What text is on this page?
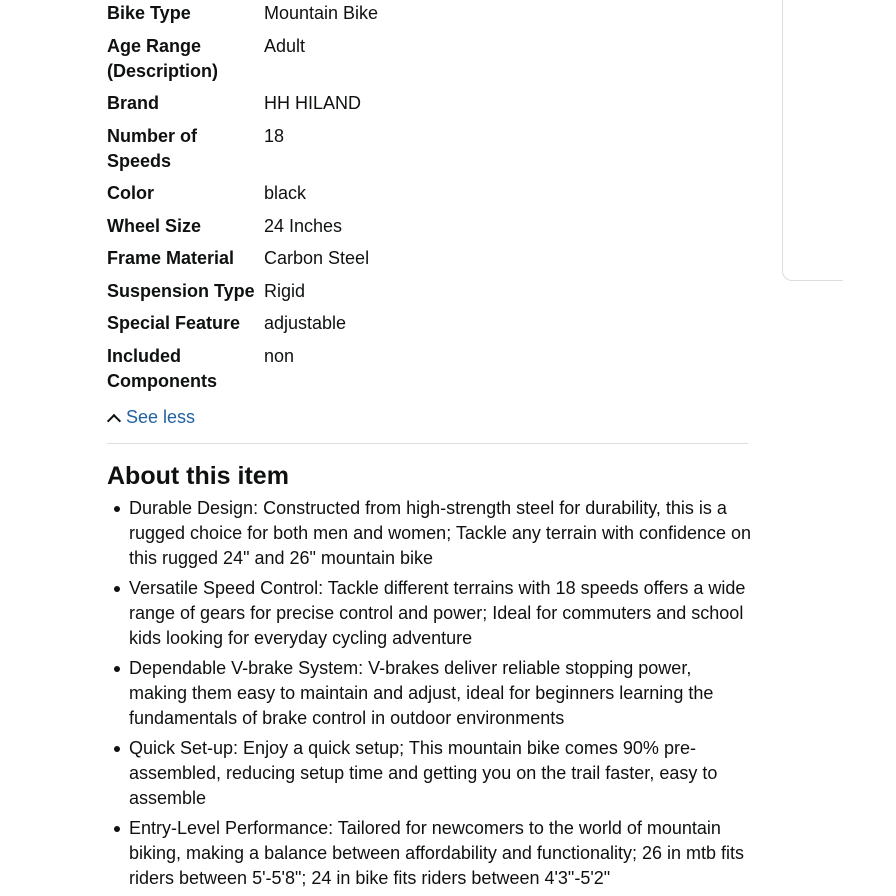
Bike Type	Mountain Bike

Age Range (Description)	Adult

Brand	HH HILAND

Number of Speeds	18

Color	black

Wheel Size	24 Inches

Frame Material	Carbon Steel

Suspension Type	Rigid

Special Feature	adjustable

Included Components	non
See less
About this item
Durable Design: Constructed from high-strength steel for durability, this is a rugged choice for both men and women; Tackle any terrain with confidence on this rugged 24" and 26" mountain bike
Versatile Speed Control: Tackle different terrains with 18 speeds offers a wide range of gears for precise control and power; Ideal for commuters and school kids looking for everyday cycling adventure
Dependable V-brake System: V-brakes deliver reliable stopping power, making them easy to maintain and adjust, ideal for beginners learning the fundamentals of brake control in outdoor environments
Quick Set-up: Enjoy a quick setup; This mountain bike comes 90% pre-assembled, reducing setup time and getting you on the trail faster, easy to assemble
Entry-Level Performance: Tailored for newcomers to the world of mountain biking, making a balance between affordability and functionality; 26 in mtb fits riders between 5'-5'8"; 24 in bike fits riders between 4'3"-5'2"
